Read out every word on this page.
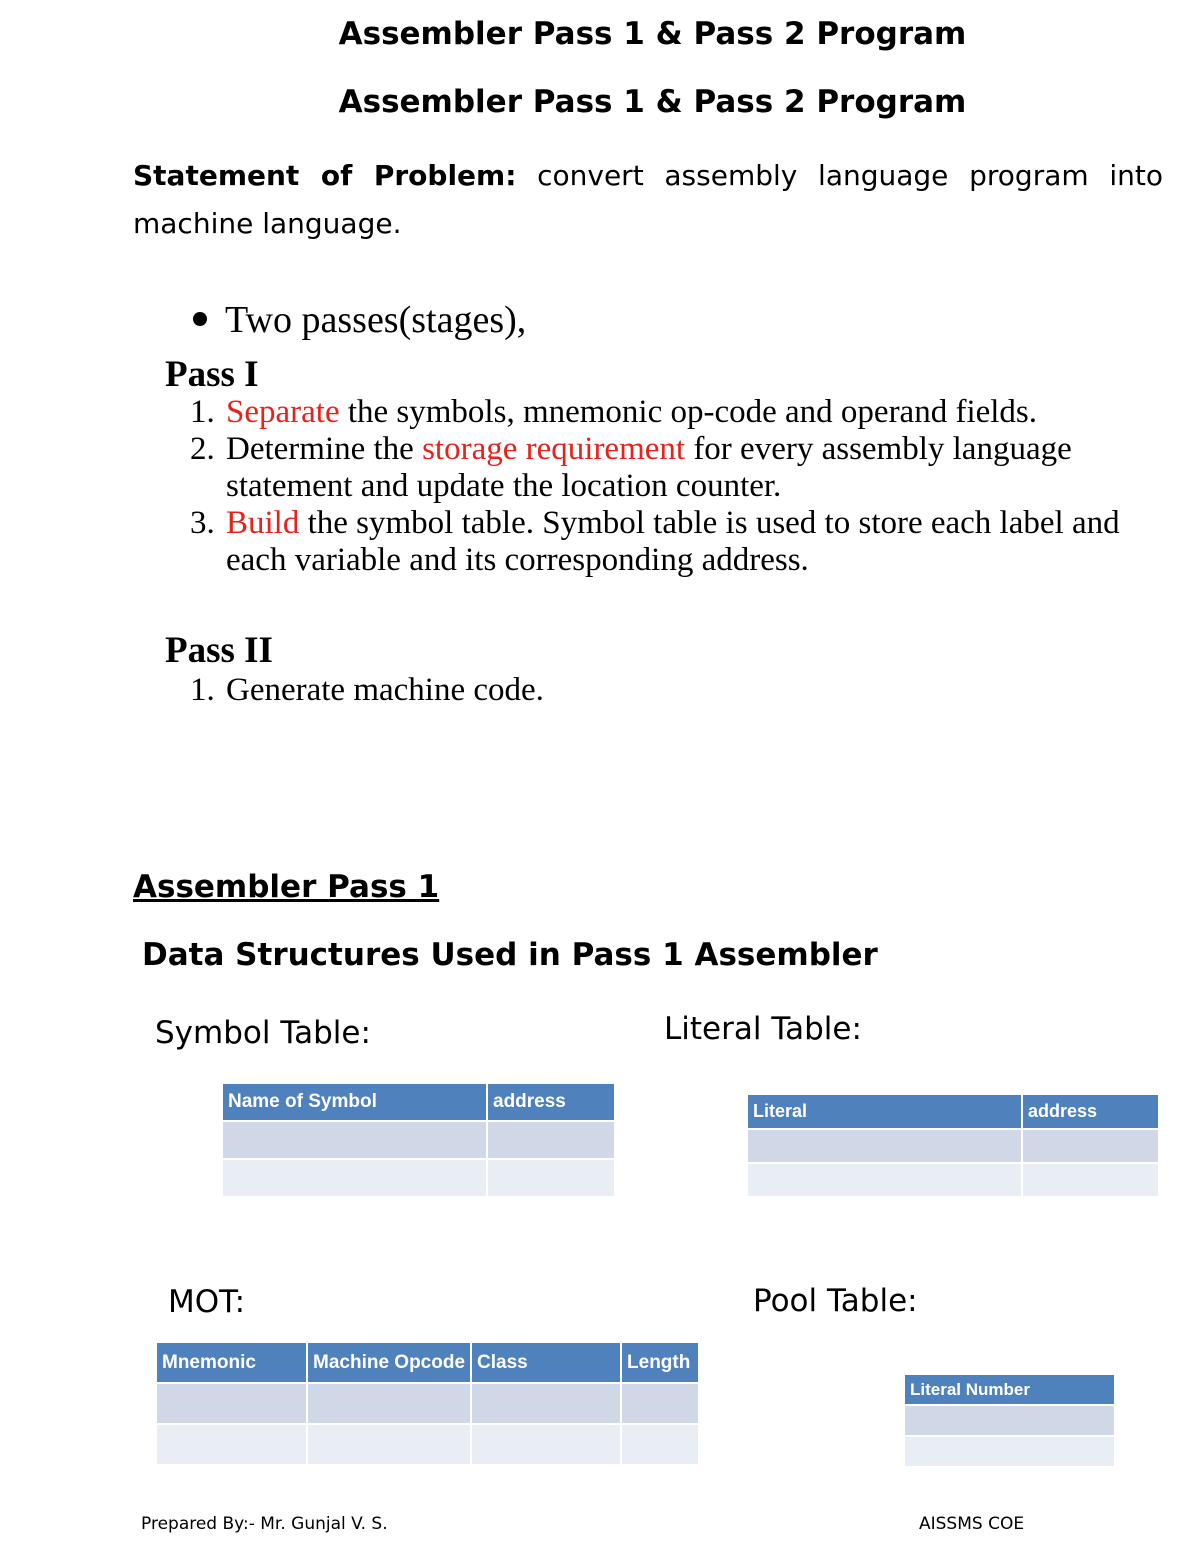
Assembler Pass 1 & Pass 2 Program
Assembler Pass 1 & Pass 2 Program
Statement of Problem: convert assembly language program into machine language.
Two passes(stages),
Pass I
1. Separate the symbols, mnemonic op-code and operand fields.
2. Determine the storage requirement for every assembly language statement and update the location counter.
3. Build the symbol table. Symbol table is used to store each label and each variable and its corresponding address.
Pass II
1. Generate machine code.
Assembler Pass 1
Data Structures Used in Pass 1 Assembler
Symbol Table:
Name of Symbol	address

Literal Table:
Literal	address

MOT:
Mnemonic	Machine Opcode	Class	Length

Pool Table:
Literal Number

Prepared By:- Mr. Gunjal V. S.	AISSMS COE
